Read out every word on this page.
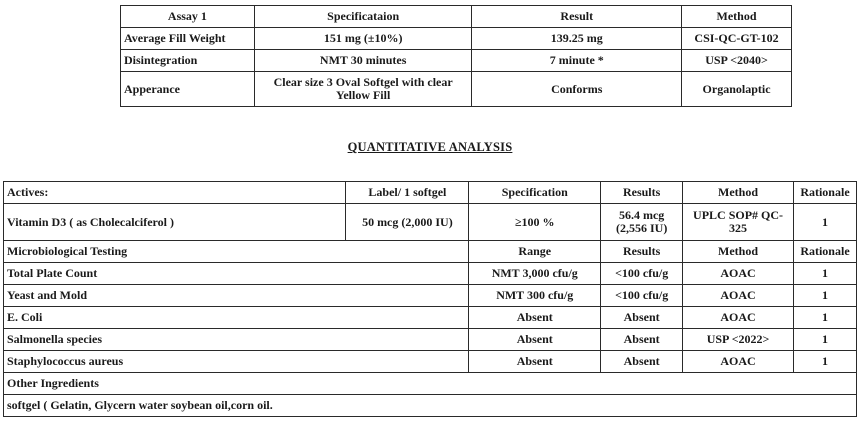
Assay 1	Specificataion	Result	Method
Average Fill Weight	151 mg (±10%)	139.25 mg	CSI-QC-GT-102
Disintegration	NMT 30 minutes	7 minute *	USP <2040>
Apperance	Clear size 3 Oval Softgel with clear Yellow Fill	Conforms	Organolaptic
QUANTITATIVE ANALYSIS
Actives:	Label/ 1 softgel	Specification	Results	Method	Rationale
Vitamin D3 ( as Cholecalciferol )	50 mcg (2,000 IU)	≥100 %	56.4 mcg (2,556 IU)	UPLC SOP# QC-325	1
Microbiological Testing		Range	Results	Method	Rationale
Total Plate Count		NMT 3,000 cfu/g	<100 cfu/g	AOAC	1
Yeast and Mold		NMT 300 cfu/g	<100 cfu/g	AOAC	1
E. Coli		Absent	Absent	AOAC	1
Salmonella species		Absent	Absent	USP <2022>	1
Staphylococcus aureus		Absent	Absent	AOAC	1
Other Ingredients					
softgel ( Gelatin, Glycern water soybean oil,corn oil.					
